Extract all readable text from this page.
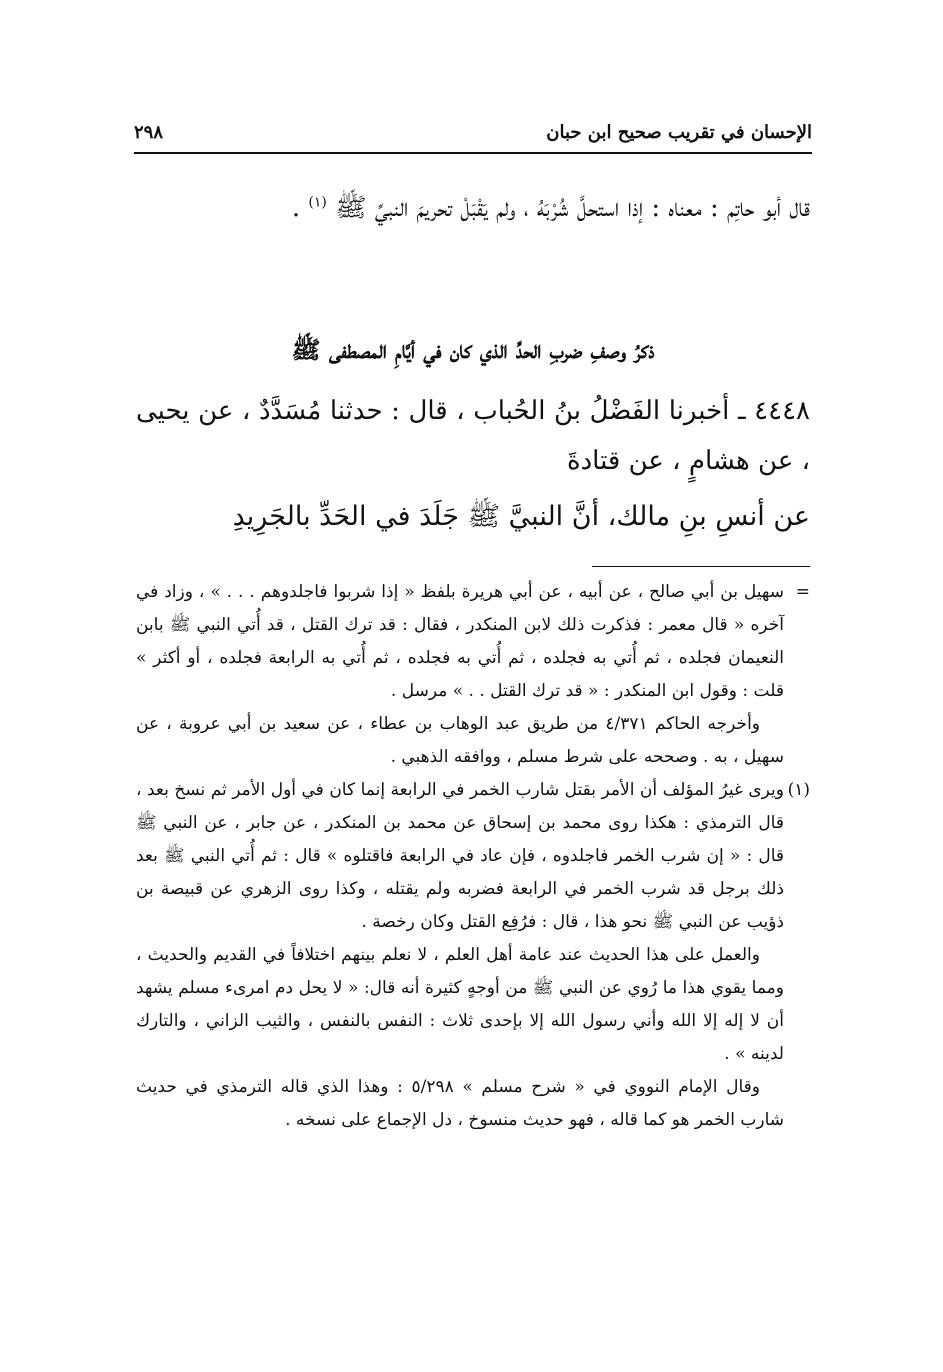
٢٩٨	الإحسان في تقريب صحيح ابن حبان
قال أبو حاتِم : معناه : إذا استحلَّ شُرْبَهُ ، ولم يَقْبَلْ تحريمَ النبيِّ ﷺ $^{(١)}$ .
ذكرُ وصفِ ضربِ الحدِّ الذي كان في أيَّامِ المصطفى ﷺ
٤٤٤٨ ـ أخبرنا الفَضْلُ بنُ الحُباب ، قال : حدثنا مُسَدَّدٌ ، عن يحيى ، عن هشامٍ ، عن قتادةَ
عن أنسِ بنِ مالك، أنَّ النبيَّ ﷺ جَلَدَ في الحَدِّ بالجَرِيدِ

=
سهيل بن أبي صالح ، عن أبيه ، عن أبي هريرة بلفظ « إذا شربوا فاجلدوهم . . . » ، وزاد في آخره « قال معمر : فذكرت ذلك لابن المنكدر ، فقال : قد ترك القتل ، قد أُتي النبي ﷺ بابن النعيمان فجلده ، ثم أُتي به فجلده ، ثم أُتي به فجلده ، ثم أُتي به الرابعة فجلده ، أو أكثر » قلت : وقول ابن المنكدر : « قد ترك القتل . . » مرسل .

وأخرجه الحاكم ٤/٣٧١ من طريق عبد الوهاب بن عطاء ، عن سعيد بن أبي عروبة ، عن سهيل ، به . وصححه على شرط مسلم ، ووافقه الذهبي .

(١)
ويرى غيرُ المؤلف أن الأمر بقتل شارب الخمر في الرابعة إنما كان في أول الأمر ثم نسخ بعد ، قال الترمذي : هكذا روى محمد بن إسحاق عن محمد بن المنكدر ، عن جابر ، عن النبي ﷺ قال : « إن شرب الخمر فاجلدوه ، فإن عاد في الرابعة فاقتلوه » قال : ثم أُتي النبي ﷺ بعد ذلك برجل قد شرب الخمر في الرابعة فضربه ولم يقتله ، وكذا روى الزهري عن قبيصة بن ذؤيب عن النبي ﷺ نحو هذا ، قال : فرُفِع القتل وكان رخصة .

والعمل على هذا الحديث عند عامة أهل العلم ، لا نعلم بينهم اختلافاً في القديم والحديث ، ومما يقوي هذا ما رُوي عن النبي ﷺ من أوجهٍ كثيرة أنه قال: « لا يحل دم امرىء مسلم يشهد أن لا إله إلا الله وأني رسول الله إلا بإحدى ثلاث : النفس بالنفس ، والثيب الزاني ، والتارك لدينه » .

وقال الإمام النووي في « شرح مسلم » ٥/٢٩٨ : وهذا الذي قاله الترمذي في حديث شارب الخمر هو كما قاله ، فهو حديث منسوخ ، دل الإجماع على نسخه .
